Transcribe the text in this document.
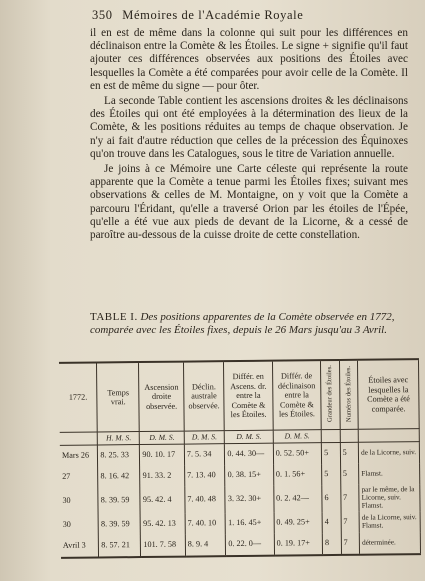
350 Mémoires de l'Académie Royale

il en est de même dans la colonne qui suit pour les différences en déclinaison entre la Comète & les Étoiles. Le signe + signifie qu'il faut ajouter ces différences observées aux positions des Étoiles avec lesquelles la Comète a été comparées pour avoir celle de la Comète. Il en est de même du signe — pour ôter.

La seconde Table contient les ascensions droites & les déclinaisons des Étoiles qui ont été employées à la détermination des lieux de la Comète, & les positions réduites au temps de chaque observation. Je n'y ai fait d'autre réduction que celles de la précession des Équinoxes qu'on trouve dans les Catalogues, sous le titre de Variation annuelle.

Je joins à ce Mémoire une Carte céleste qui représente la route apparente que la Comète a tenue parmi les Étoiles fixes; suivant mes observations & celles de M. Montaigne, on y voit que la Comète a parcouru l'Éridant, qu'elle a traversé Orion par les étoiles de l'Épée, qu'elle a été vue aux pieds de devant de la Licorne, & a cessé de paroître au-dessous de la cuisse droite de cette constellation.

TABLE I. Des positions apparentes de la Comète observée en 1772, comparée avec les Étoiles fixes, depuis le 26 Mars jusqu'au 3 Avril.
1772.	Temps vrai.	Ascension droite observée.	Déclin. australe observée.	Différ. en Ascens. dr. entre la Comète & les Étoiles.	Différ. de déclinaison entre la Comète & les Étoiles.	Grandeur des Étoiles.	Numéros des Étoiles.	Étoiles avec lesquelles la Comète a été comparée.
	H. M. S.	D. M. S.	D. M. S.	D. M. S.	D. M. S.			
Mars 26	8. 25. 33	90. 10. 17	7. 5. 34	0. 44. 30—	0. 52. 50+	5	5	de la Licorne, suiv.
27	8. 16. 42	91. 33. 2	7. 13. 40	0. 38. 15+	0. 1. 56+	5	5	Flamst.
30	8. 39. 59	95. 42. 4	7. 40. 48	3. 32. 30+	0. 2. 42—	6	7	par le même, de la Licorne, suiv. Flamst.
30	8. 39. 59	95. 42. 13	7. 40. 10	1. 16. 45+	0. 49. 25+	4	7	de la Licorne, suiv. Flamst.
Avril 3	8. 57. 21	101. 7. 58	8. 9. 4	0. 22. 0—	0. 19. 17+	8	7	déterminée.
